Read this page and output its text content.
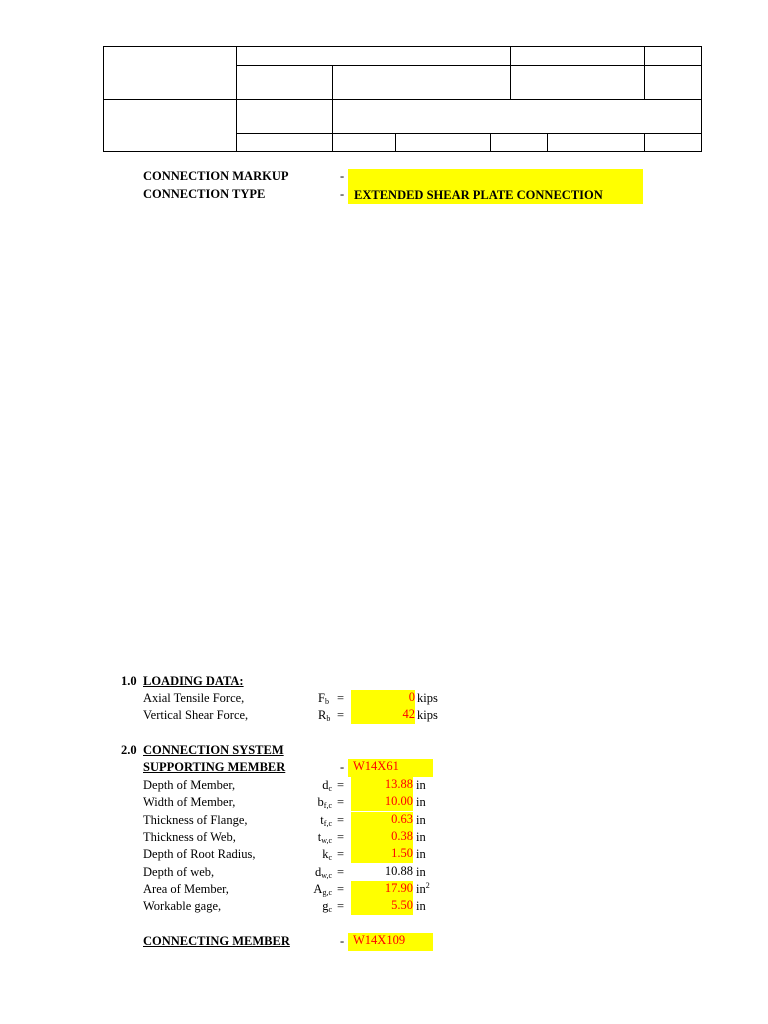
CONNECTION MARKUP	-
CONNECTION TYPE	- EXTENDED SHEAR PLATE CONNECTION
1.0 LOADING DATA:
Axial Tensile Force,	$F_b$ =	0 kips
Vertical Shear Force,	$R_b$ =	42 kips
2.0 CONNECTION SYSTEM
SUPPORTING MEMBER	- W14X61
Depth of Member,	$d_c$ =	13.88 in
Width of Member,	$b_{f,c}$ =	10.00 in
Thickness of Flange,	$t_{f,c}$ =	0.63 in
Thickness of Web,	$t_{w,c}$ =	0.38 in
Depth of Root Radius,	$k_c$ =	1.50 in
Depth of web,	$d_{w,c}$ =	10.88 in
Area of Member,	$A_{g,c}$ =	17.90 $in^2$
Workable gage,	$g_c$ =	5.50 in
CONNECTING MEMBER	- W14X109
